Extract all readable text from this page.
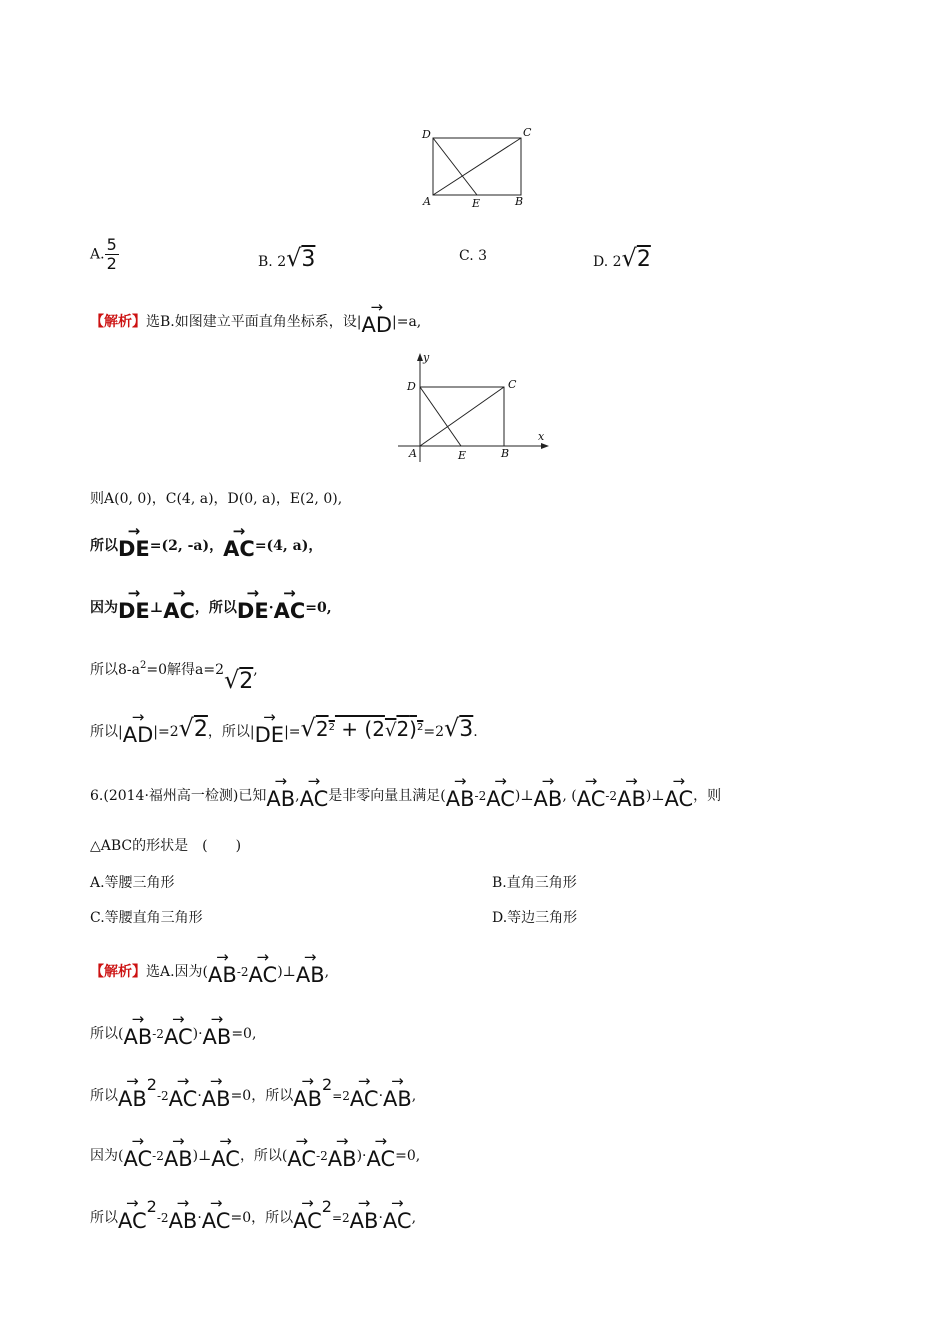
D	C
A	E	B
A. $\frac{5}{2}$	B. 2√3	C. 3	D. 2√2
【解析】选B.如图建立平面直角坐标系，设|→ AD|=a,
y
D	C
x
A	E	B
则A(0, 0)，C(4, a)，D(0, a)，E(2, 0),
所以→ DE=(2, -a)，→ AC=(4, a)，
因为→ DE⊥→ AC，所以→ DE·→ AC=0,
所以$8-a^2=0$解得a=2√2,
所以|→ AD|=2√2，所以|→ $DE|=√2^2 + (2√2)^2=2√3$.
6.(2014·福州高一检测)已知→ AB,→ AC是非零向量且满足(→ AB-2→ AC)⊥→ AB, (→ AC-2→ AB)⊥→ AC，则
△ABC的形状是　(　　)
A.等腰三角形	B.直角三角形
C.等腰直角三角形	D.等边三角形
【解析】选A.因为(→ AB-2→ AC)⊥→ AB,
所以(→ AB-2→ AC)·→ AB=0,
所以→ AB2-2→ AC·→ AB=0，所以→ AB2=2→ AC·→ AB,
因为(→ AC-2→ AB)⊥→ AC，所以(→ AC-2→ AB)·→ AC=0,
所以→ AC2-2→ AB·→ AC=0，所以→ AC2=2→ AB·→ AC,
